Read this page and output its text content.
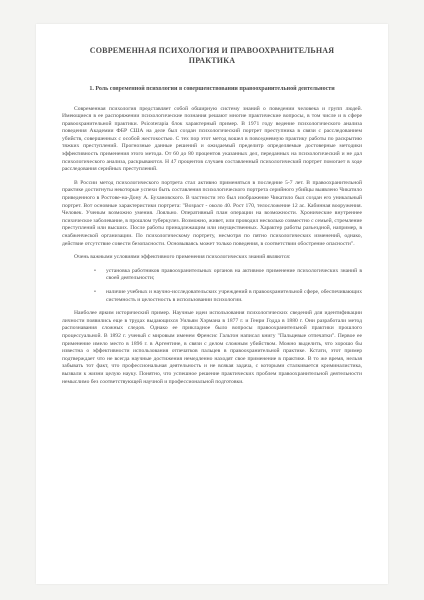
СОВРЕМЕННАЯ ПСИХОЛОГИЯ И ПРАВООХРАНИТЕЛЬНАЯ ПРАКТИКА
1. Роль современной психологии в совершенствовании правоохранительной деятельности

Современная психология представляет собой обширную систему знаний о поведении человека и групп людей. Имеющиеся в ее распоряжении психологические познания решают многие практические вопросы, в том числе и в сфере правоохранительной практики. Psicoterapia блок характерный пример. В 1971 году ведение психологического анализа поведения Академии ФБР США на деле был создан психологический портрет преступника в связи с расследованием убийств, совершенных с особой жестокостью. С тех пор этот метод вошел в повседневную практику работы по раскрытию тяжких преступлений. Прогнозные данные решений и ожидаемый пределитр определяемые достоверные методики эффективность применения этого метода. От 60 до 80 процентов указанных дел, переданных на психологический и не дал психологического анализа, раскрываются. Н 47 процентов случаев составленный психологический портрет помогает в ходе расследования серийных преступлений.

В России метод психологического портрета стал активно применяться в последние 5-7 лет. В правоохранительной практике достигнуты некоторые успехи быть составления психологического портрета серийного убийцы выявлено Чикатило приведенного в Ростове-на-Дону А. Бухановского. В частности это был изображение Чикатило был создан его уникальный портрет. Вот основные характеристики портрета: "Возраст - около 40. Рост 170, телосложение 12 ас. Кабинная вооружения. Человек. Ученым возможно умения. Лояльно. Оперативный план операции на возможности. Хронические внутреннее психическое заболевание, в прошлом туберкулез. Возможно, живет, или проводил несколько совместно с семьей, стремление преступлений или высших. После работы принадлежащим или имущественных. Характер работы разъездной, например, в снабженческой организации. По психологическому портрету, несмотря по пятно психологических изменений, однако, действие отсутствие совести безопасности. Основываясь может только поведения, в соответствии обострение опасности".

Очень важными условиями эффективного применения психологических знаний являются:

•	установка работников правоохранительных органов на активное применение психологических знаний в своей деятельности;
•	наличие учебных и научно-исследовательских учреждений в правоохранительной сфере, обеспечивающих системность и целостность в использовании психологии.

Наиболее ярким исторический пример. Научные идеи использования психологических сведений для идентификации личности появились еще в трудах выдающихся Уильям Хэрмана в 1877 г. и Генри Годда в 1880 г. Они разработали метод распознавания сложных следов. Однако ее прикладное было вопросы правоохранительной практики прошлого процессуальной. В 1892 г. ученый с мировым именем Френсис Гальтон написал книгу "Пальцевые отпечатки". Первое ее применение имело место в 1896 г. в Аргентине, в связи с делом сложным убийством. Можно выделить, что хорошо бы известна о эффективности использования отпечатков пальцев в правоохранительной практике. Кстати, этот пример подтверждает что не всегда научные достижения немедленно находят свое применение в практике. В то же время, нельзя забывать тот факт, что профессиональная деятельность и не всякая задача, с которыми сталкивается криминалистика, вызвали к жизни целую науку. Понятно, что успешное решение практических проблем правоохранительной деятельности немыслимо без соответствующей научной и профессиональной подготовки.
